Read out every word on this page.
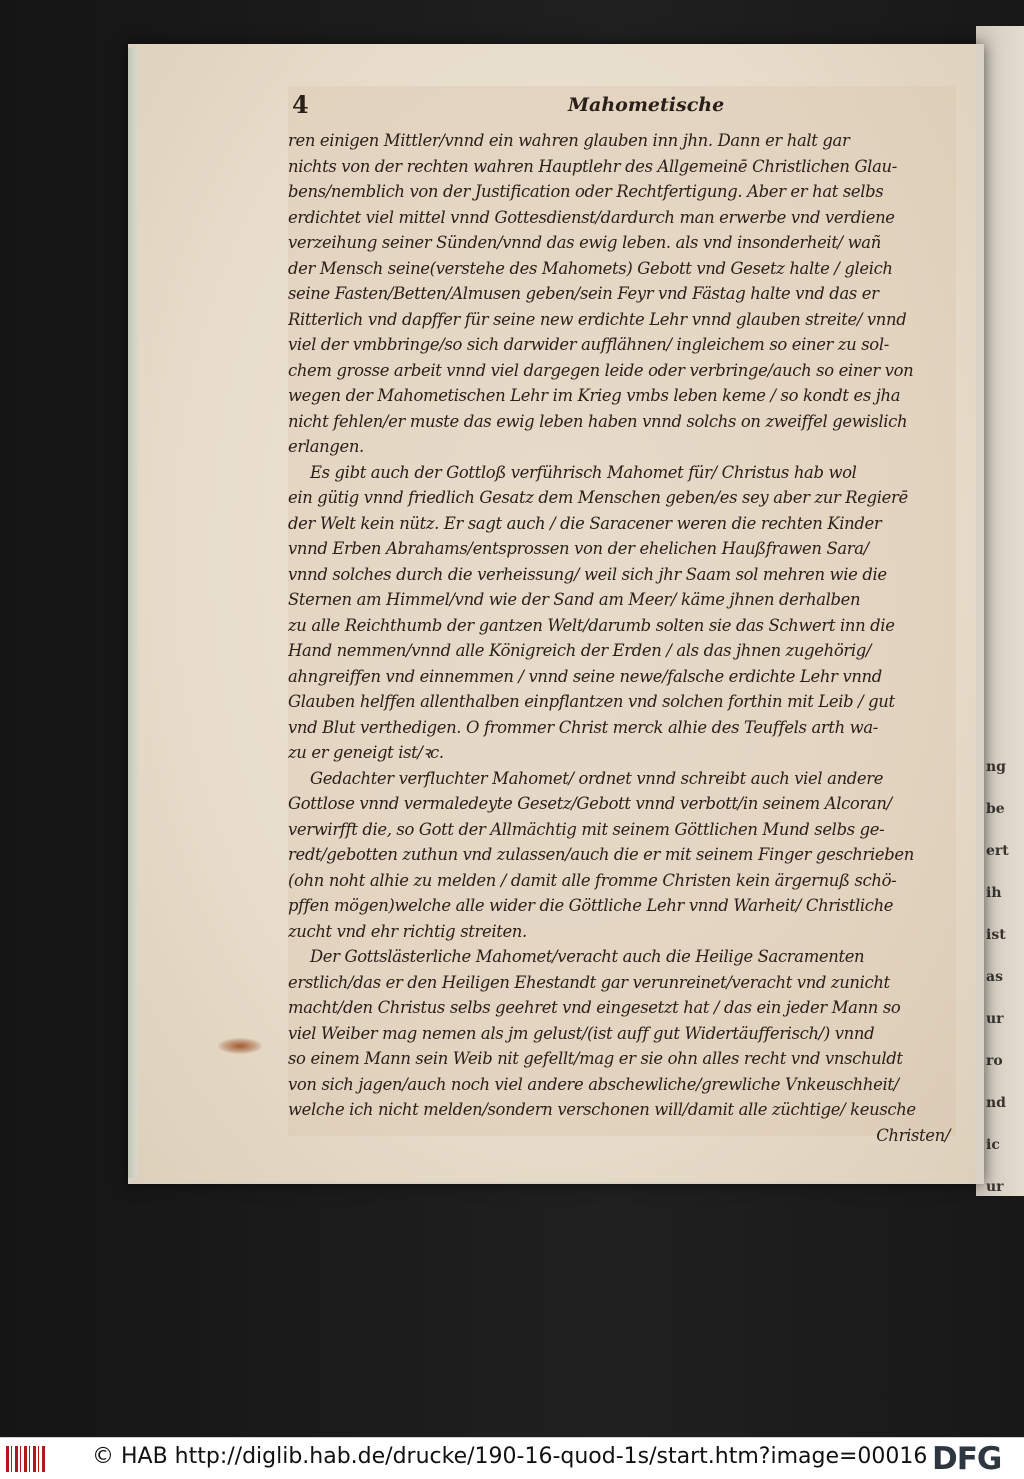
ng
be
ert
ih
ist
as
ur
ro
nd
ic
ur
4	Mahometische
ren einigen Mittler/vnnd ein wahren glauben inn jhn. Dann er halt gar
nichts von der rechten wahren Hauptlehr des Allgemeinē Christlichen Glau-
bens/nemblich von der Justification oder Rechtfertigung. Aber er hat selbs
erdichtet viel mittel vnnd Gottesdienst/dardurch man erwerbe vnd verdiene
verzeihung seiner Sünden/vnnd das ewig leben. als vnd insonderheit/ wañ
der Mensch seine(verstehe des Mahomets) Gebott vnd Gesetz halte / gleich
seine Fasten/Betten/Almusen geben/sein Feyr vnd Fästag halte vnd das er
Ritterlich vnd dapffer für seine new erdichte Lehr vnnd glauben streite/ vnnd
viel der vmbbringe/so sich darwider aufflähnen/ ingleichem so einer zu sol-
chem grosse arbeit vnnd viel dargegen leide oder verbringe/auch so einer von
wegen der Mahometischen Lehr im Krieg vmbs leben keme / so kondt es jha
nicht fehlen/er muste das ewig leben haben vnnd solchs on zweiffel gewislich
erlangen.
Es gibt auch der Gottloß verführisch Mahomet für/ Christus hab wol
ein gütig vnnd friedlich Gesatz dem Menschen geben/es sey aber zur Regierē
der Welt kein nütz. Er sagt auch / die Saracener weren die rechten Kinder
vnnd Erben Abrahams/entsprossen von der ehelichen Haußfrawen Sara/
vnnd solches durch die verheissung/ weil sich jhr Saam sol mehren wie die
Sternen am Himmel/vnd wie der Sand am Meer/ käme jhnen derhalben
zu alle Reichthumb der gantzen Welt/darumb solten sie das Schwert inn die
Hand nemmen/vnnd alle Königreich der Erden / als das jhnen zugehörig/
ahngreiffen vnd einnemmen / vnnd seine newe/falsche erdichte Lehr vnnd
Glauben helffen allenthalben einpflantzen vnd solchen forthin mit Leib / gut
vnd Blut verthedigen. O frommer Christ merck alhie des Teuffels arth wa-
zu er geneigt ist/ꝛc.
Gedachter verfluchter Mahomet/ ordnet vnnd schreibt auch viel andere
Gottlose vnnd vermaledeyte Gesetz/Gebott vnnd verbott/in seinem Alcoran/
verwirfft die, so Gott der Allmächtig mit seinem Göttlichen Mund selbs ge-
redt/gebotten zuthun vnd zulassen/auch die er mit seinem Finger geschrieben
(ohn noht alhie zu melden / damit alle fromme Christen kein ärgernuß schö-
pffen mögen)welche alle wider die Göttliche Lehr vnnd Warheit/ Christliche
zucht vnd ehr richtig streiten.
Der Gottslästerliche Mahomet/veracht auch die Heilige Sacramenten
erstlich/das er den Heiligen Ehestandt gar verunreinet/veracht vnd zunicht
macht/den Christus selbs geehret vnd eingesetzt hat / das ein jeder Mann so
viel Weiber mag nemen als jm gelust/(ist auff gut Widertäufferisch/) vnnd
so einem Mann sein Weib nit gefellt/mag er sie ohn alles recht vnd vnschuldt
von sich jagen/auch noch viel andere abschewliche/grewliche Vnkeuschheit/
welche ich nicht melden/sondern verschonen will/damit alle züchtige/ keusche
Christen/
© HAB http://diglib.hab.de/drucke/190-16-quod-1s/start.htm?image=00016 DFG
